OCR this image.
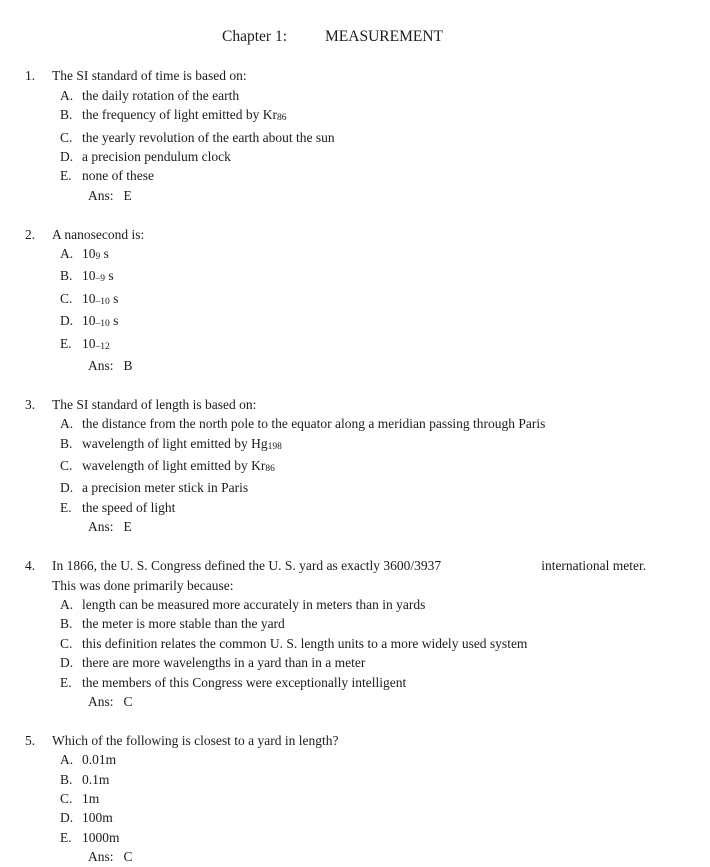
Chapter 1: MEASUREMENT
1.	The SI standard of time is based on:
A. the daily rotation of the earth
B. the frequency of light emitted by Kr86
C. the yearly revolution of the earth about the sun
D. a precision pendulum clock
E. none of these
Ans: E
2.	A nanosecond is:
A. 109 s
B. 10–9 s
C. 10–10 s
D. 10–10 s
E. 10–12
Ans: B
3.	The SI standard of length is based on:
A. the distance from the north pole to the equator along a meridian passing through Paris
B. wavelength of light emitted by Hg198
C. wavelength of light emitted by Kr86
D. a precision meter stick in Paris
E. the speed of light
Ans: E
4.	In 1866, the U. S. Congress defined the U. S. yard as exactly 3600/3937	international meter.
This was done primarily because:
A. length can be measured more accurately in meters than in yards
B. the meter is more stable than the yard
C. this definition relates the common U. S. length units to a more widely used system
D. there are more wavelengths in a yard than in a meter
E. the members of this Congress were exceptionally intelligent
Ans: C
5.	Which of the following is closest to a yard in length?
A. 0.01m
B. 0.1m
C. 1m
D. 100m
E. 1000m
Ans: C
